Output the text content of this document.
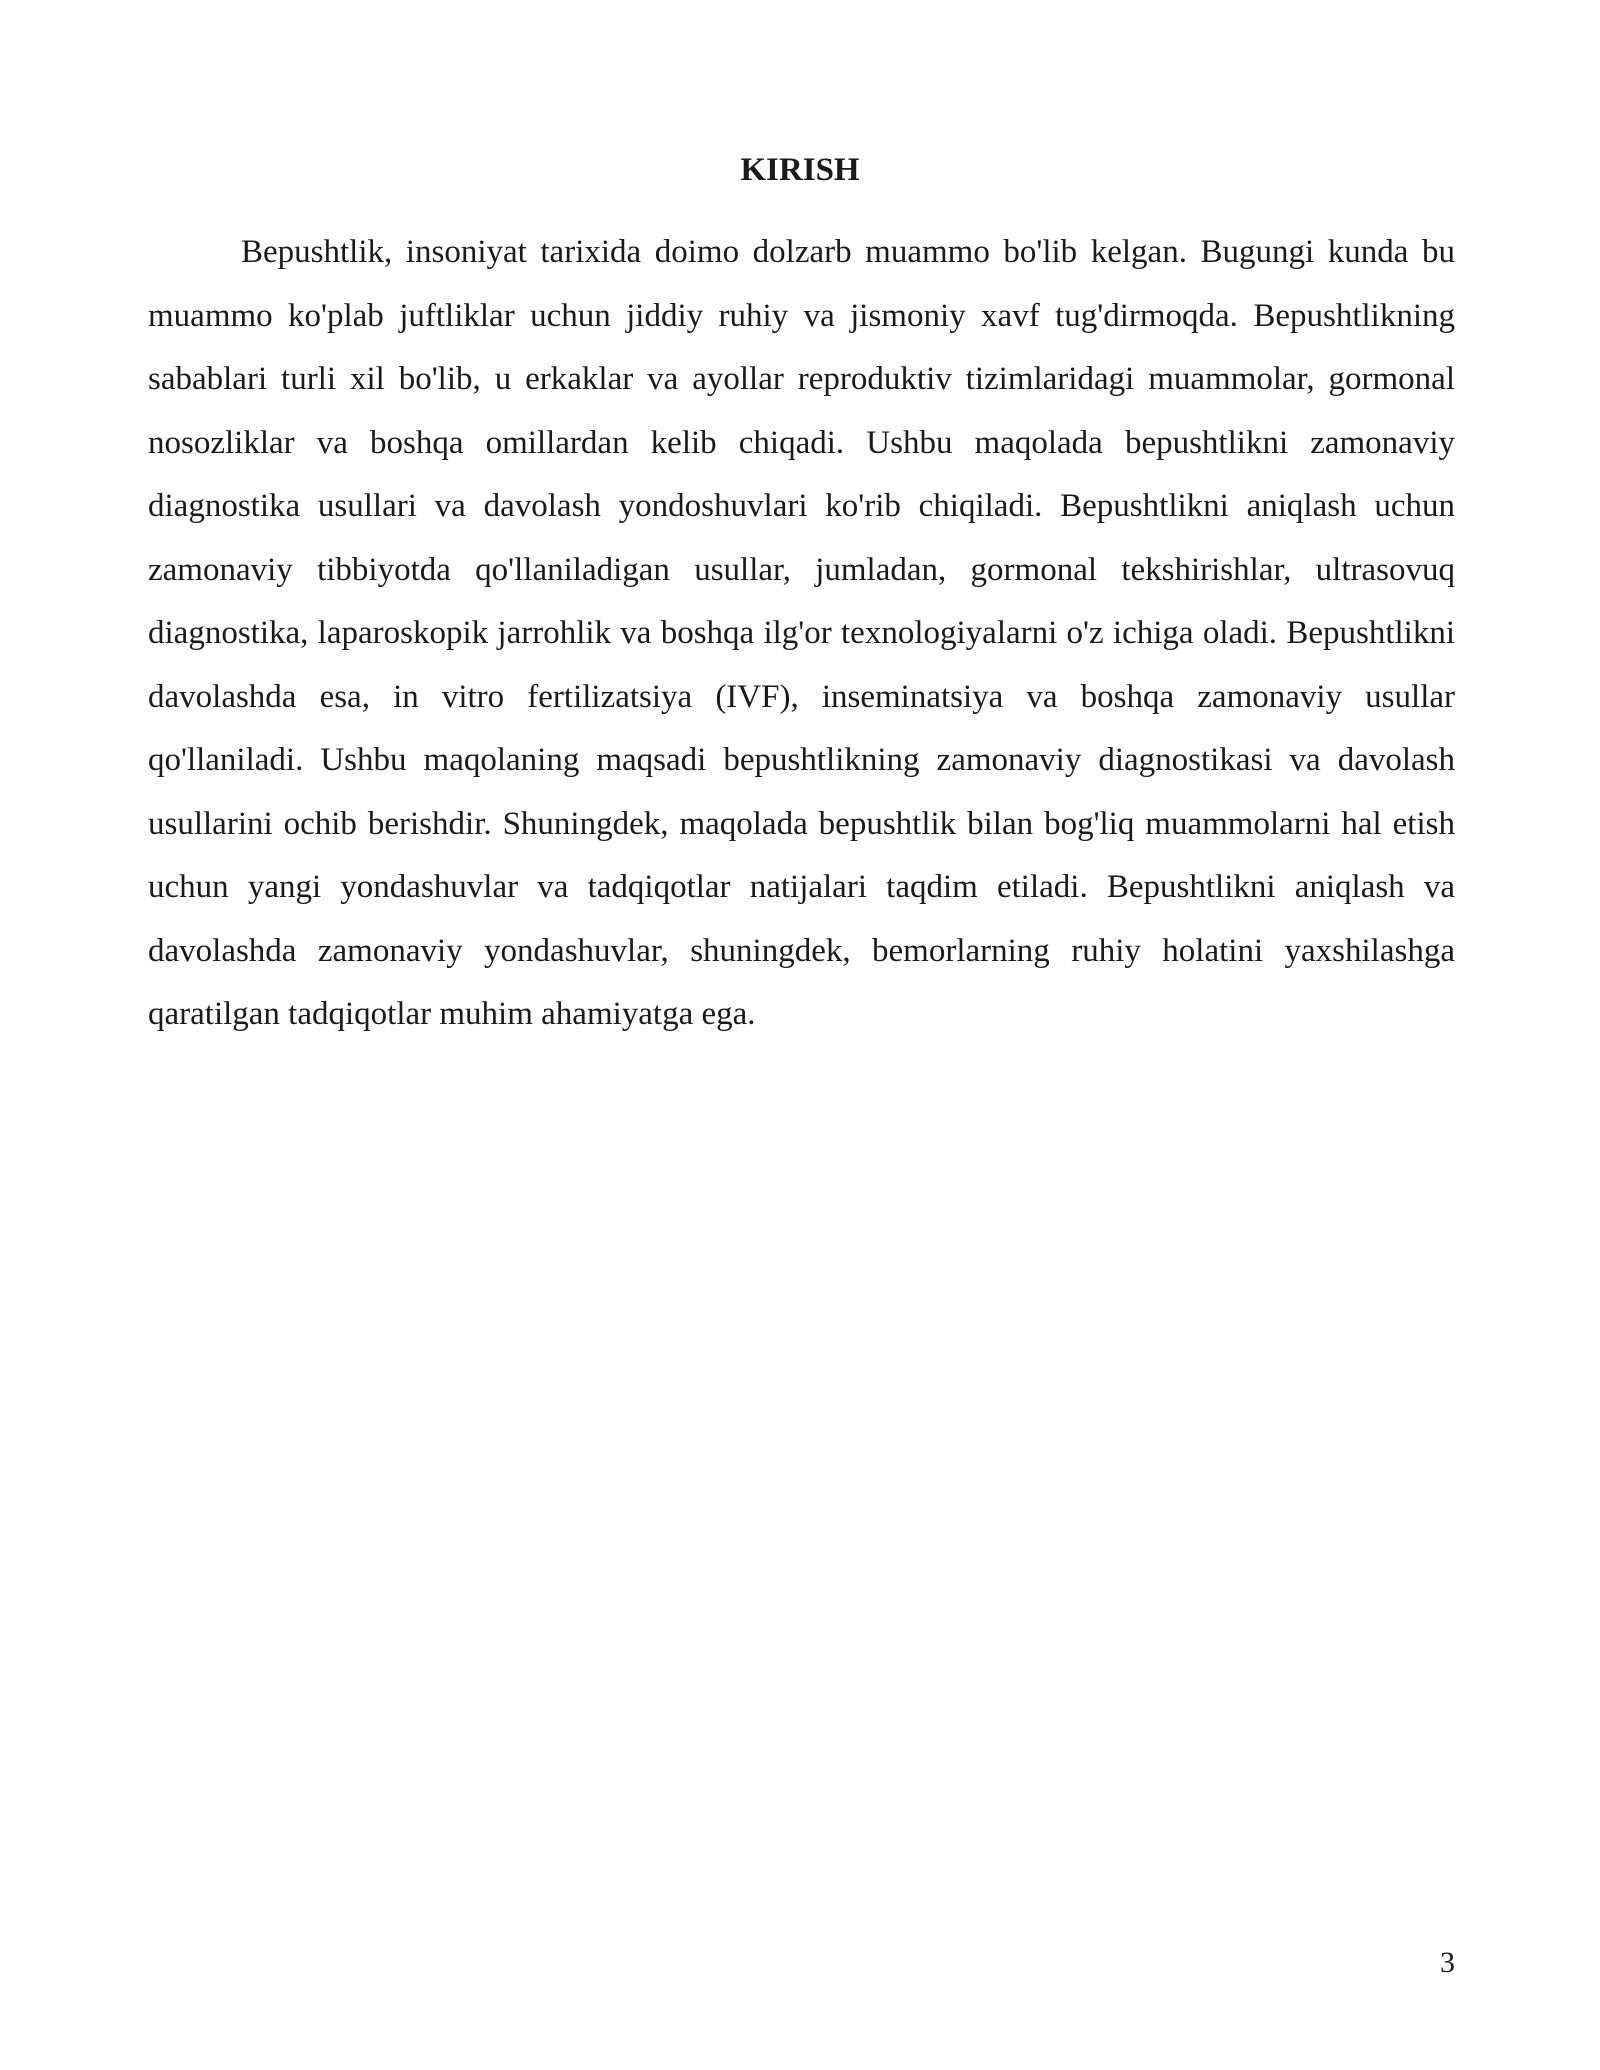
KIRISH

Bepushtlik, insoniyat tarixida doimo dolzarb muammo bo'lib kelgan. Bugungi kunda bu muammo ko'plab juftliklar uchun jiddiy ruhiy va jismoniy xavf tug'dirmoqda. Bepushtlikning sabablari turli xil bo'lib, u erkaklar va ayollar reproduktiv tizimlaridagi muammolar, gormonal nosozliklar va boshqa omillardan kelib chiqadi. Ushbu maqolada bepushtlikni zamonaviy diagnostika usullari va davolash yondoshuvlari ko'rib chiqiladi. Bepushtlikni aniqlash uchun zamonaviy tibbiyotda qo'llaniladigan usullar, jumladan, gormonal tekshirishlar, ultrasovuq diagnostika, laparoskopik jarrohlik va boshqa ilg'or texnologiyalarni o'z ichiga oladi. Bepushtlikni davolashda esa, in vitro fertilizatsiya (IVF), inseminatsiya va boshqa zamonaviy usullar qo'llaniladi. Ushbu maqolaning maqsadi bepushtlikning zamonaviy diagnostikasi va davolash usullarini ochib berishdir. Shuningdek, maqolada bepushtlik bilan bog'liq muammolarni hal etish uchun yangi yondashuvlar va tadqiqotlar natijalari taqdim etiladi. Bepushtlikni aniqlash va davolashda zamonaviy yondashuvlar, shuningdek, bemorlarning ruhiy holatini yaxshilashga qaratilgan tadqiqotlar muhim ahamiyatga ega.

3
